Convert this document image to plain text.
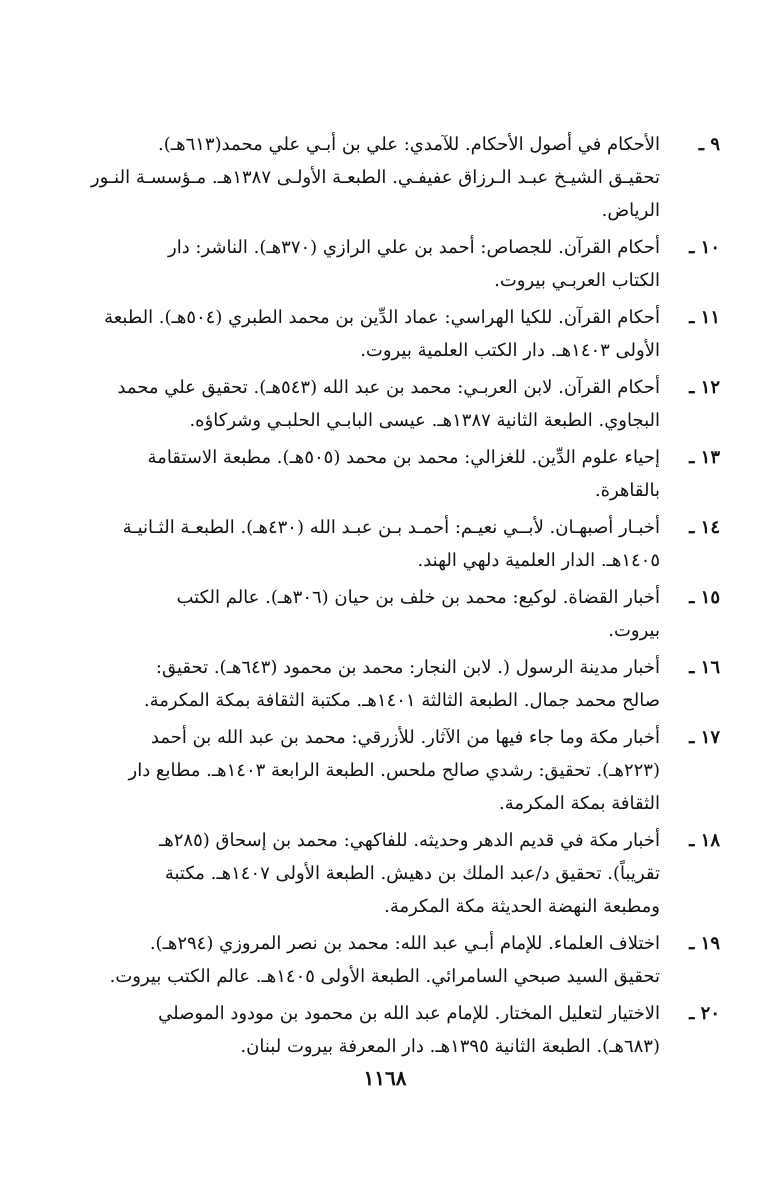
٩ ـ
الأحكام في أصول الأحكام. للآمدي: علي بن أبـي علي محمد(٦١٣هـ).
تحقيـق الشيـخ عبـد الـرزاق عفيفـي. الطبعـة الأولـى ١٣٨٧هـ. مـؤسسـة النـور
الرياض.
١٠ ـ
أحكام القرآن. للجصاص: أحمد بن علي الرازي (٣٧٠هـ). الناشر: دار
الكتاب العربـي بيروت.
١١ ـ
أحكام القرآن. للكيا الهراسي: عماد الدِّين بن محمد الطبري (٥٠٤هـ). الطبعة
الأولى ١٤٠٣هـ. دار الكتب العلمية بيروت.
١٢ ـ
أحكام القرآن. لابن العربـي: محمد بن عبد الله (٥٤٣هـ). تحقيق علي محمد
البجاوي. الطبعة الثانية ١٣٨٧هـ. عيسى البابـي الحلبـي وشركاؤه.
١٣ ـ
إحياء علوم الدِّين. للغزالي: محمد بن محمد (٥٠٥هـ). مطبعة الاستقامة
بالقاهرة.
١٤ ـ
أخبـار أصبهـان. لأبــي نعيـم: أحمـد بـن عبـد الله (٤٣٠هـ). الطبعـة الثـانيـة
١٤٠٥هـ. الدار العلمية دلهي الهند.
١٥ ـ
أخبار القضاة. لوكيع: محمد بن خلف بن حيان (٣٠٦هـ). عالم الكتب
بيروت.
١٦ ـ
أخبار مدينة الرسول (. لابن النجار: محمد بن محمود (٦٤٣هـ). تحقيق:
صالح محمد جمال. الطبعة الثالثة ١٤٠١هـ. مكتبة الثقافة بمكة المكرمة.
١٧ ـ
أخبار مكة وما جاء فيها من الآثار. للأزرقي: محمد بن عبد الله بن أحمد
(٢٢٣هـ). تحقيق: رشدي صالح ملحس. الطبعة الرابعة ١٤٠٣هـ. مطابع دار
الثقافة بمكة المكرمة.
١٨ ـ
أخبار مكة في قديم الدهر وحديثه. للفاكهي: محمد بن إسحاق (٢٨٥هـ
تقريباً). تحقيق د/عبد الملك بن دهيش. الطبعة الأولى ١٤٠٧هـ. مكتبة
ومطبعة النهضة الحديثة مكة المكرمة.
١٩ ـ
اختلاف العلماء. للإمام أبـي عبد الله: محمد بن نصر المروزي (٢٩٤هـ).
تحقيق السيد صبحي السامرائي. الطبعة الأولى ١٤٠٥هـ. عالم الكتب بيروت.
٢٠ ـ
الاختيار لتعليل المختار. للإمام عبد الله بن محمود بن مودود الموصلي
(٦٨٣هـ). الطبعة الثانية ١٣٩٥هـ. دار المعرفة بيروت لبنان.
١١٦٨
